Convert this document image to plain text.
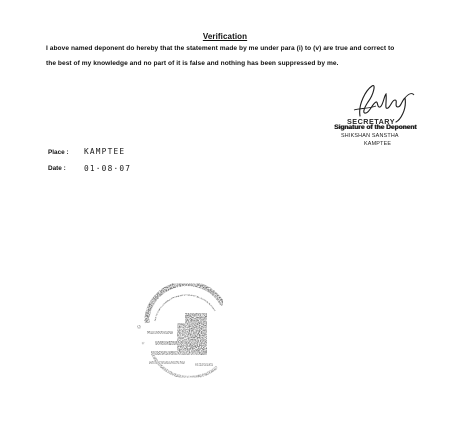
Verification
I above named deponent do hereby that the statement made by me under para (i) to (v) are true and correct to
the best of my knowledge and no part of it is false and nothing has been suppressed by me.
SECRETARY
Signature of the Deponent
SHIKSHAN SANSTHA
KAMPTEE
Place : KAMPTEE
Date : 01·08·07
